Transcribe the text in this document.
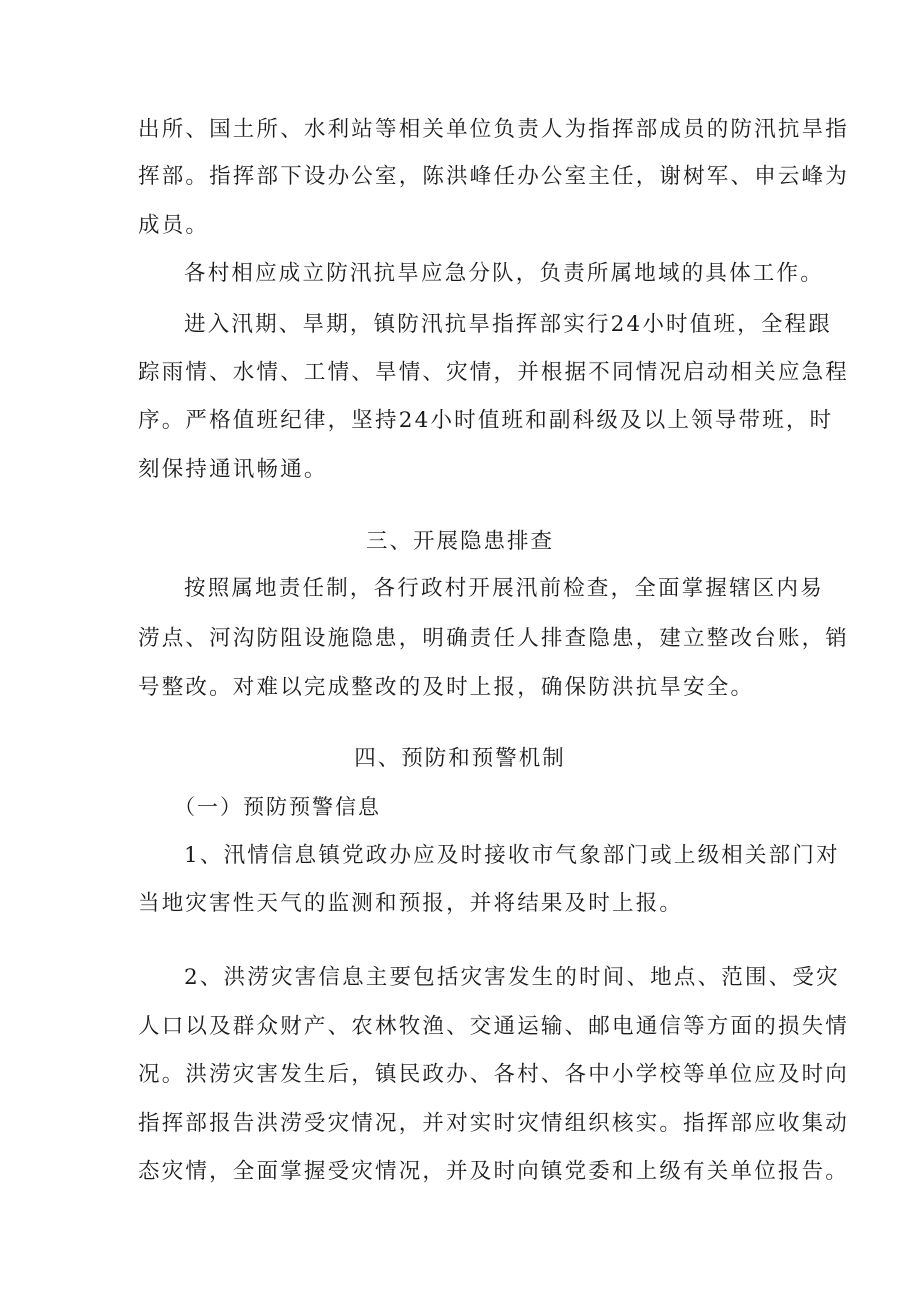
出所、国土所、水利站等相关单位负责人为指挥部成员的防汛抗旱指
挥部。指挥部下设办公室，陈洪峰任办公室主任，谢树军、申云峰为
成员。
各村相应成立防汛抗旱应急分队，负责所属地域的具体工作。
进入汛期、旱期，镇防汛抗旱指挥部实行24小时值班，全程跟
踪雨情、水情、工情、旱情、灾情，并根据不同情况启动相关应急程
序。严格值班纪律，坚持24小时值班和副科级及以上领导带班，时
刻保持通讯畅通。
三、开展隐患排查
按照属地责任制，各行政村开展汛前检查，全面掌握辖区内易
涝点、河沟防阻设施隐患，明确责任人排查隐患，建立整改台账，销
号整改。对难以完成整改的及时上报，确保防洪抗旱安全。
四、预防和预警机制
（一）预防预警信息
1、汛情信息镇党政办应及时接收市气象部门或上级相关部门对
当地灾害性天气的监测和预报，并将结果及时上报。
2、洪涝灾害信息主要包括灾害发生的时间、地点、范围、受灾
人口以及群众财产、农林牧渔、交通运输、邮电通信等方面的损失情
况。洪涝灾害发生后，镇民政办、各村、各中小学校等单位应及时向
指挥部报告洪涝受灾情况，并对实时灾情组织核实。指挥部应收集动
态灾情，全面掌握受灾情况，并及时向镇党委和上级有关单位报告。
